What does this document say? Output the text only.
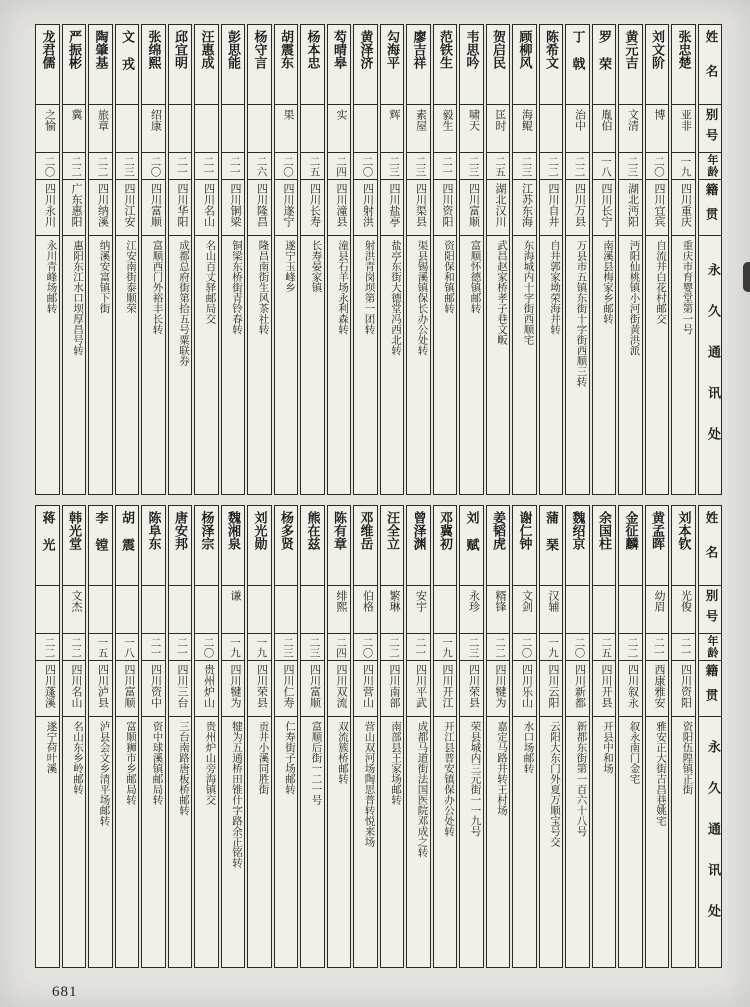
姓名
别号
年龄
籍贯
永久通讯处
张忠楚
亚非
一九
四川重庆
重庆市育婴堂第一号
刘文阶
博
二〇
四川宜宾
自流井白花村邮交
黄元吉
文清
二三
湖北沔阳
沔阳仙桃镇小河街黄洪派
罗荣
胤伯
一八
四川长宁
南溪县梅家乡邮转
丁戟
治中
二二
四川万县
万县市五镇东街十字街西顺三转
陈希文
二二
四川自井
自井郭家坳荣海井转
顾柳风
海鲲
二三
江苏东海
东海城内十字街西顺宅
贺启民
匡时
二五
湖北汉川
武昌赵家桥孝子巷文畈
韦思吟
啸天
二三
四川富顺
富顺怀德镇邮转
范铁生
毅生
二一
四川资阳
资阳保和镇邮转
廖吉祥
素屋
二三
四川渠县
渠县锡溪镇保长办公处转
勾海平
辉
二三
四川盐亭
盐亭东街大德堂冯西北转
黄泽济
二〇
四川射洪
射洪青岗坝第一团转
芶晴皋
实
二四
四川潼县
潼县石羊场永利森转
杨本忠
二五
四川长寿
长寿晏家镇
胡震东
果
二〇
四川遂宁
遂宁玉峰乡
杨守言
二六
四川隆昌
隆昌南街生风茶社转
彭思能
二一
四川铜梁
铜梁东桥街青铃春转
汪惠成
二一
四川名山
名山百丈驿邮局交
邱宜明
二一
四川华阳
成都总府街第拾五号粟联券
张绵熙
绍康
二〇
四川富顺
富顺西门外裕丰长转
文戎
二三
四川江安
江安南街泰顺荣
陶肇基
旅章
二二
四川纳溪
纳溪安富镇下街
严振彬
冀
二二
广东惠阳
惠阳东江水口坝厚昌号转
龙君儒
之愉
二〇
四川永川
永川青峰场邮转
姓名
别号
年龄
籍贯
永久通讯处
刘本钦
光俊
二一
四川资阳
资阳伍隍镇正街
黄孟晖
幼眉
二一
西康雅安
雅安正大街吉昌巷姚宅
金征麟
二二
四川叙永
叙永南门金宅
余国柱
二五
四川开县
开县中和场
魏绍京
二〇
四川新都
新都东街第一百六十八号
蒲琹
汉辅
一九
四川云阳
云阳大东门外夏万顺宝号交
谢仁钟
文剑
二〇
四川乐山
水口场邮转
姜韬虎
糈锋
二二
四川犍为
嘉定马路井转王村场
刘赋
永珍
二三
四川荣县
荣县城内三元街一一九号
邓冀初
一九
四川开江
开江县普安镇保办公处转
曾泽渊
安宇
二一
四川平武
成都马道街法国医院邓成之转
汪全立
繁琳
二二
四川南部
南部县王家场邮转
邓维岳
伯格
二〇
四川营山
营山双河场陶思普转悦来场
陈有章
绯熙
二四
四川双流
双流簇桥邮转
熊在兹
二三
四川富顺
富顺后街一二一号
杨多贤
二三
四川仁寿
仁寿街子场邮转
刘光勋
一九
四川荣县
贡井小溪同胜街
魏湘泉
谦
一九
四川犍为
犍为五通桥田锥什字路余正铭转
杨泽宗
二〇
贵州炉山
贵州炉山旁海镇交
唐安邦
二一
四川三台
三台南路唐板桥邮转
陈阜东
二一
四川资中
资中球溪镇邮局转
胡震
一八
四川富顺
富顺狮市乡邮局转
李镗
一五
四川泸县
泸县会文乡清平场邮转
韩光堂
文杰
二二
四川名山
名山东乡岭邮转
蒋光
二二
四川蓬溪
遂宁荷叶溪
681
